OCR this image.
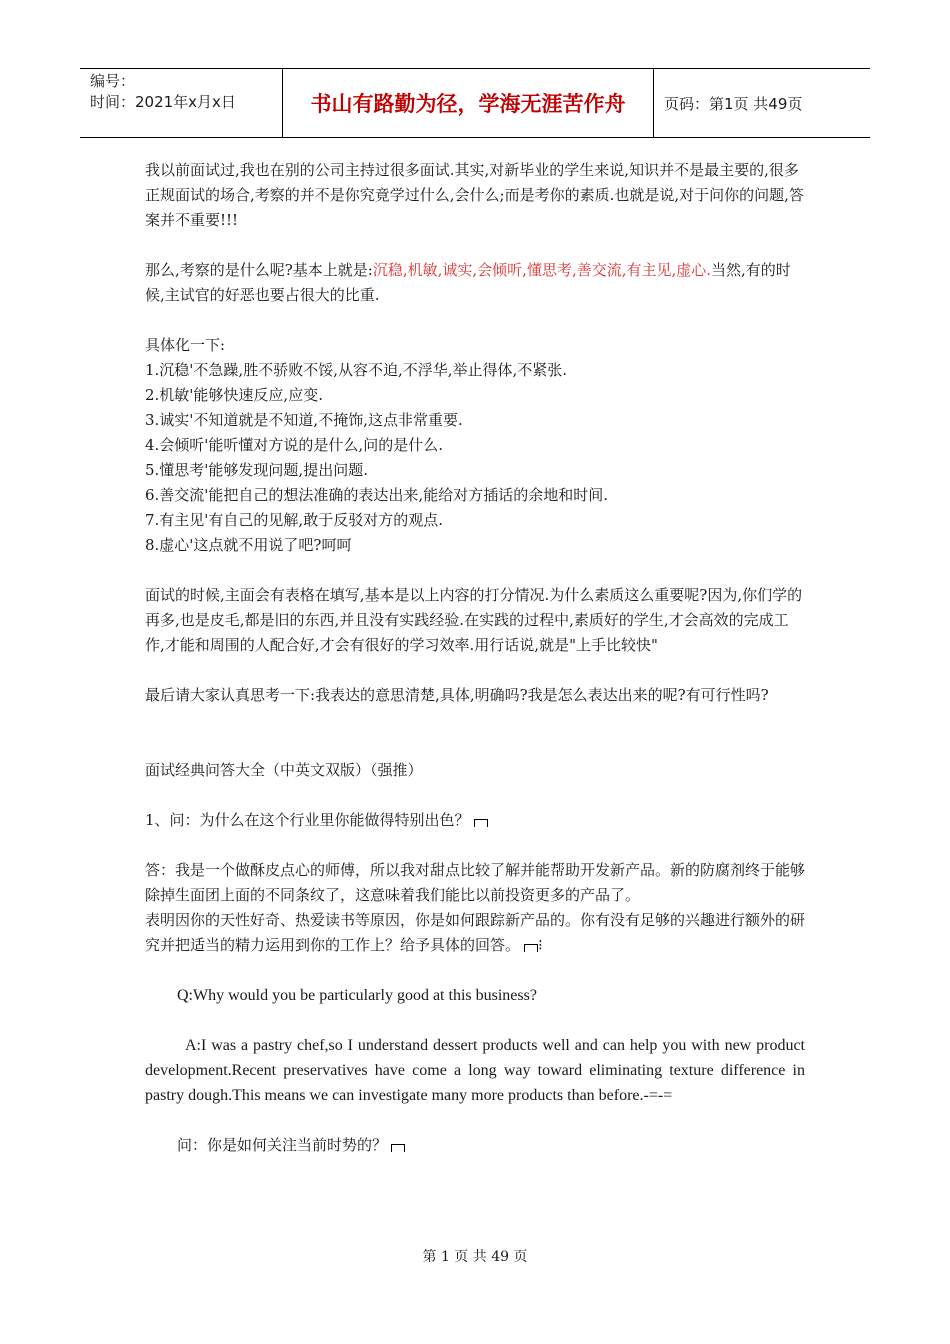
编号：
时间：2021年x月x日	书山有路勤为径，学海无涯苦作舟	页码：第1页 共49页

我以前面试过,我也在别的公司主持过很多面试.其实,对新毕业的学生来说,知识并不是最主要的,很多正规面试的场合,考察的并不是你究竟学过什么,会什么;而是考你的素质.也就是说,对于问你的问题,答案并不重要!!!

那么,考察的是什么呢?基本上就是:沉稳,机敏,诚实,会倾听,懂思考,善交流,有主见,虚心.当然,有的时候,主试官的好恶也要占很大的比重.

具体化一下:

1.沉稳'不急躁,胜不骄败不馁,从容不迫,不浮华,举止得体,不紧张.

2.机敏'能够快速反应,应变.

3.诚实'不知道就是不知道,不掩饰,这点非常重要.

4.会倾听'能听懂对方说的是什么,问的是什么.

5.懂思考'能够发现问题,提出问题.

6.善交流'能把自己的想法准确的表达出来,能给对方插话的余地和时间.

7.有主见'有自己的见解,敢于反驳对方的观点.

8.虚心'这点就不用说了吧?呵呵

面试的时候,主面会有表格在填写,基本是以上内容的打分情况.为什么素质这么重要呢?因为,你们学的再多,也是皮毛,都是旧的东西,并且没有实践经验.在实践的过程中,素质好的学生,才会高效的完成工作,才能和周围的人配合好,才会有很好的学习效率.用行话说,就是"上手比较快"

最后请大家认真思考一下:我表达的意思清楚,具体,明确吗?我是怎么表达出来的呢?有可行性吗?

面试经典问答大全（中英文双版）（强推）

1、问：为什么在这个行业里你能做得特别出色？

答：我是一个做酥皮点心的师傅，所以我对甜点比较了解并能帮助开发新产品。新的防腐剂终于能够除掉生面团上面的不同条纹了，这意味着我们能比以前投资更多的产品了。

表明因你的天性好奇、热爱读书等原因，你是如何跟踪新产品的。你有没有足够的兴趣进行额外的研究并把适当的精力运用到你的工作上？给予具体的回答。 ⁝

Q:Why would you be particularly good at this business?

A:I was a pastry chef,so I understand dessert products well and can help you with new product development.Recent preservatives have come a long way toward eliminating texture difference in pastry dough.This means we can investigate many more products than before.-=-=

问：你是如何关注当前时势的？

第 1 页 共 49 页
